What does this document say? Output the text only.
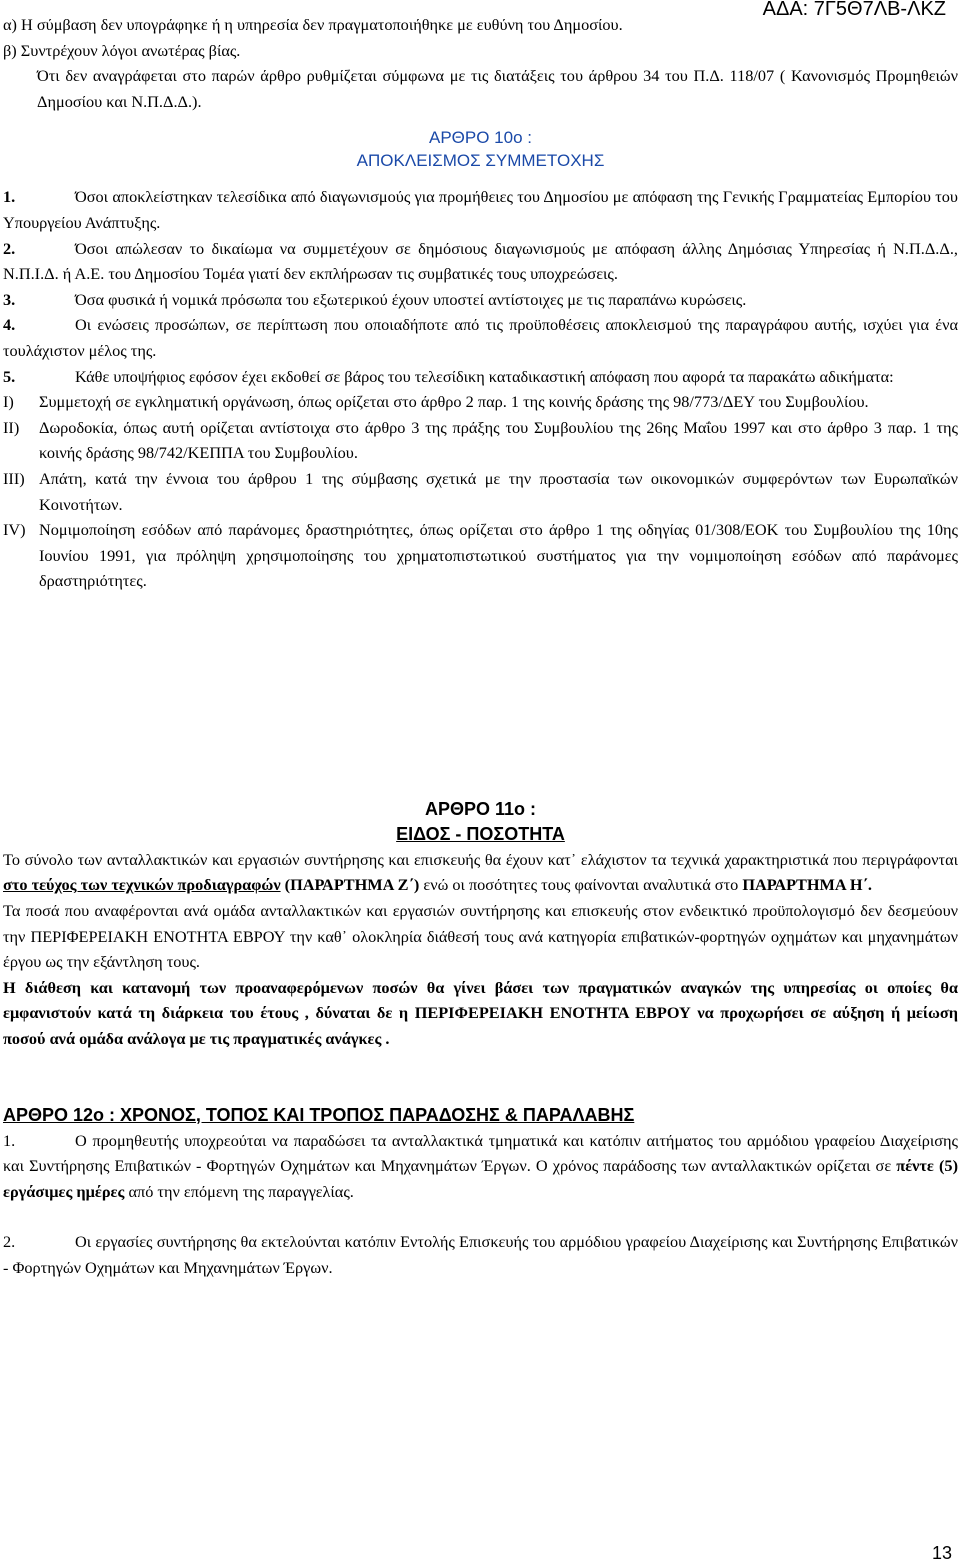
ΑΔΑ: 7Γ5Θ7ΛΒ-ΛΚΖ

α) Η σύμβαση δεν υπογράφηκε ή η υπηρεσία δεν πραγματοποιήθηκε με ευθύνη του Δημοσίου.

β) Συντρέχουν λόγοι ανωτέρας βίας.

Ότι δεν αναγράφεται στο παρών άρθρο ρυθμίζεται σύμφωνα με τις διατάξεις του άρθρου 34 του Π.Δ. 118/07 ( Κανονισμός Προμηθειών Δημοσίου και Ν.Π.Δ.Δ.).

ΑΡΘΡΟ 10ο :

ΑΠΟΚΛΕΙΣΜΟΣ ΣΥΜΜΕΤΟΧΗΣ

1.	Όσοι αποκλείστηκαν τελεσίδικα από διαγωνισμούς για προμήθειες του Δημοσίου με απόφαση της Γενικής Γραμματείας Εμπορίου του Υπουργείου Ανάπτυξης.

2.	Όσοι απώλεσαν το δικαίωμα να συμμετέχουν σε δημόσιους διαγωνισμούς με απόφαση άλλης Δημόσιας Υπηρεσίας ή Ν.Π.Δ.Δ., Ν.Π.Ι.Δ. ή Α.Ε. του Δημοσίου Τομέα γιατί δεν εκπλήρωσαν τις συμβατικές τους υποχρεώσεις.

3.	Όσα φυσικά ή νομικά πρόσωπα του εξωτερικού έχουν υποστεί αντίστοιχες με τις παραπάνω κυρώσεις.

4.	Οι ενώσεις προσώπων, σε περίπτωση που οποιαδήποτε από τις προϋποθέσεις αποκλεισμού της παραγράφου αυτής, ισχύει για ένα τουλάχιστον μέλος της.

5.	Κάθε υποψήφιος εφόσον έχει εκδοθεί σε βάρος του τελεσίδικη καταδικαστική απόφαση που αφορά τα παρακάτω αδικήματα:

I)	Συμμετοχή σε εγκληματική οργάνωση, όπως ορίζεται στο άρθρο 2 παρ. 1 της κοινής δράσης της 98/773/ΔΕΥ του Συμβουλίου.
II)	Δωροδοκία, όπως αυτή ορίζεται αντίστοιχα στο άρθρο 3 της πράξης του Συμβουλίου της 26ης Μαΐου 1997 και στο άρθρο 3 παρ. 1 της κοινής δράσης 98/742/ΚΕΠΠΑ του Συμβουλίου.
III) Απάτη, κατά την έννοια του άρθρου 1 της σύμβασης σχετικά με την προστασία των οικονομικών συμφερόντων των Ευρωπαϊκών Κοινοτήτων.
IV) Νομιμοποίηση εσόδων από παράνομες δραστηριότητες, όπως ορίζεται στο άρθρο 1 της οδηγίας 01/308/ΕΟΚ του Συμβουλίου της 10ης Ιουνίου 1991, για πρόληψη χρησιμοποίησης του χρηματοπιστωτικού συστήματος για την νομιμοποίηση εσόδων από παράνομες δραστηριότητες.

ΑΡΘΡΟ 11ο :

ΕΙΔΟΣ - ΠΟΣΟΤΗΤΑ

Το σύνολο των ανταλλακτικών και εργασιών συντήρησης και επισκευής θα έχουν κατ᾽ ελάχιστον τα τεχνικά χαρακτηριστικά που περιγράφονται στο τεύχος των τεχνικών προδιαγραφών (ΠΑΡΑΡΤΗΜΑ Ζ΄) ενώ οι ποσότητες τους φαίνονται αναλυτικά στο ΠΑΡΑΡΤΗΜΑ Η΄.

Τα ποσά που αναφέρονται ανά ομάδα ανταλλακτικών και εργασιών συντήρησης και επισκευής στον ενδεικτικό προϋπολογισμό δεν δεσμεύουν την ΠΕΡΙΦΕΡΕΙΑΚΗ ΕΝΟΤΗΤΑ ΕΒΡΟΥ την καθ᾽ ολοκληρία διάθεσή τους ανά κατηγορία επιβατικών-φορτηγών οχημάτων και μηχανημάτων έργου ως την εξάντληση τους.

Η διάθεση και κατανομή των προαναφερόμενων ποσών θα γίνει βάσει των πραγματικών αναγκών της υπηρεσίας οι οποίες θα εμφανιστούν κατά τη διάρκεια του έτους , δύναται δε η ΠΕΡΙΦΕΡΕΙΑΚΗ ΕΝΟΤΗΤΑ ΕΒΡΟΥ να προχωρήσει σε αύξηση ή μείωση ποσού ανά ομάδα ανάλογα με τις πραγματικές ανάγκες .

ΑΡΘΡΟ 12ο : ΧΡΟΝΟΣ, ΤΟΠΟΣ ΚΑΙ ΤΡΟΠΟΣ ΠΑΡΑΔΟΣΗΣ & ΠΑΡΑΛΑΒΗΣ

1.	Ο προμηθευτής υποχρεούται να παραδώσει τα ανταλλακτικά τμηματικά και κατόπιν αιτήματος του αρμόδιου γραφείου Διαχείρισης και Συντήρησης Επιβατικών - Φορτηγών Οχημάτων και Μηχανημάτων Έργων. Ο χρόνος παράδοσης των ανταλλακτικών ορίζεται σε πέντε (5) εργάσιμες ημέρες από την επόμενη της παραγγελίας.

2.	Οι εργασίες συντήρησης θα εκτελούνται κατόπιν Εντολής Επισκευής του αρμόδιου γραφείου Διαχείρισης και Συντήρησης Επιβατικών - Φορτηγών Οχημάτων και Μηχανημάτων Έργων.

13
